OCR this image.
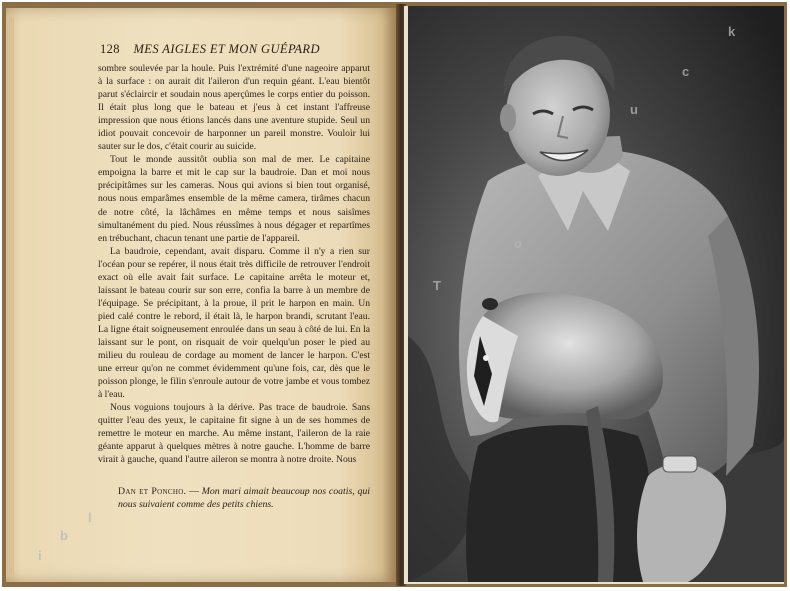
128 MES AIGLES ET MON GUÉPARD

sombre soulevée par la houle. Puis l'extrémité d'une nageoire apparut à la surface : on aurait dit l'aileron d'un requin géant. L'eau bientôt parut s'éclaircir et soudain nous aperçûmes le corps entier du poisson. Il était plus long que le bateau et j'eus à cet instant l'affreuse impression que nous étions lancés dans une aventure stupide. Seul un idiot pouvait concevoir de harponner un pareil monstre. Vouloir lui sauter sur le dos, c'était courir au suicide.

Tout le monde aussitôt oublia son mal de mer. Le capitaine empoigna la barre et mit le cap sur la baudroie. Dan et moi nous précipitâmes sur les cameras. Nous qui avions si bien tout organisé, nous nous emparâmes ensemble de la même camera, tirâmes chacun de notre côté, la lâchâmes en même temps et nous saisîmes simultanément du pied. Nous réussîmes à nous dégager et repartîmes en trébuchant, chacun tenant une partie de l'appareil.

La baudroie, cependant, avait disparu. Comme il n'y a rien sur l'océan pour se repérer, il nous était très difficile de retrouver l'endroit exact où elle avait fait surface. Le capitaine arrêta le moteur et, laissant le bateau courir sur son erre, confia la barre à un membre de l'équipage. Se précipitant, à la proue, il prit le harpon en main. Un pied calé contre le rebord, il était là, le harpon brandi, scrutant l'eau. La ligne était soigneusement enroulée dans un seau à côté de lui. En la laissant sur le pont, on risquait de voir quelqu'un poser le pied au milieu du rouleau de cordage au moment de lancer le harpon. C'est une erreur qu'on ne commet évidemment qu'une fois, car, dès que le poisson plonge, le filin s'enroule autour de votre jambe et vous tombez à l'eau.

Nous voguions toujours à la dérive. Pas trace de baudroie. Sans quitter l'eau des yeux, le capitaine fit signe à un de ses hommes de remettre le moteur en marche. Au même instant, l'aileron de la raie géante apparut à quelques mètres à notre gauche. L'homme de barre virait à gauche, quand l'autre aileron se montra à notre droite. Nous

Dan et Poncho. — Mon mari aimait beaucoup nos coatis, qui nous suivaient comme des petits chiens.
k
c
u
o
T
l
b
i
